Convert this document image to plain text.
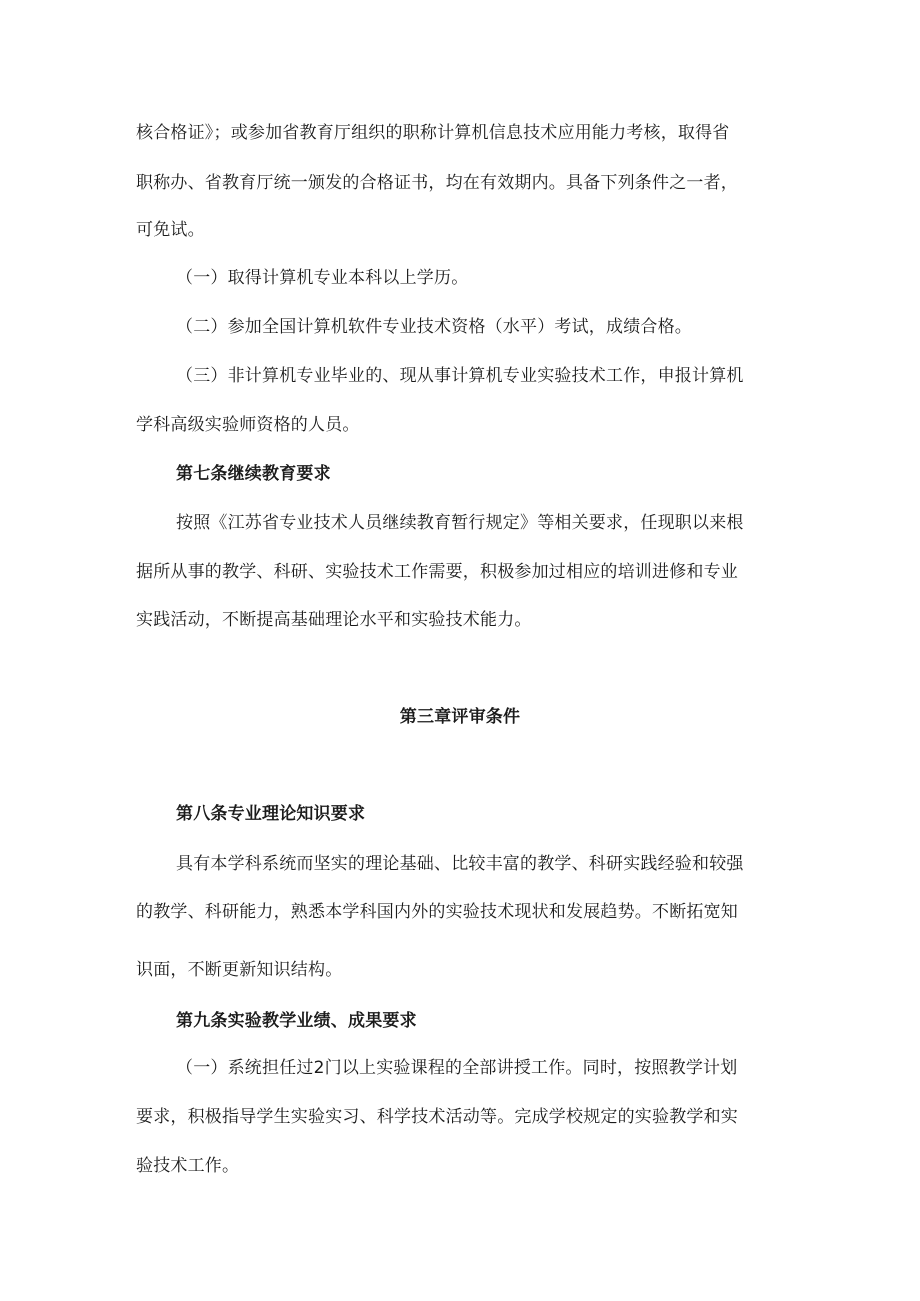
核合格证》；或参加省教育厅组织的职称计算机信息技术应用能力考核，取得省
职称办、省教育厅统一颁发的合格证书，均在有效期内。具备下列条件之一者，
可免试。
（一）取得计算机专业本科以上学历。
（二）参加全国计算机软件专业技术资格（水平）考试，成绩合格。
（三）非计算机专业毕业的、现从事计算机专业实验技术工作，申报计算机
学科高级实验师资格的人员。
第七条继续教育要求
按照《江苏省专业技术人员继续教育暂行规定》等相关要求，任现职以来根
据所从事的教学、科研、实验技术工作需要，积极参加过相应的培训进修和专业
实践活动，不断提高基础理论水平和实验技术能力。
第三章评审条件
第八条专业理论知识要求
具有本学科系统而坚实的理论基础、比较丰富的教学、科研实践经验和较强
的教学、科研能力，熟悉本学科国内外的实验技术现状和发展趋势。不断拓宽知
识面，不断更新知识结构。
第九条实验教学业绩、成果要求
（一）系统担任过2门以上实验课程的全部讲授工作。同时，按照教学计划
要求，积极指导学生实验实习、科学技术活动等。完成学校规定的实验教学和实
验技术工作。
